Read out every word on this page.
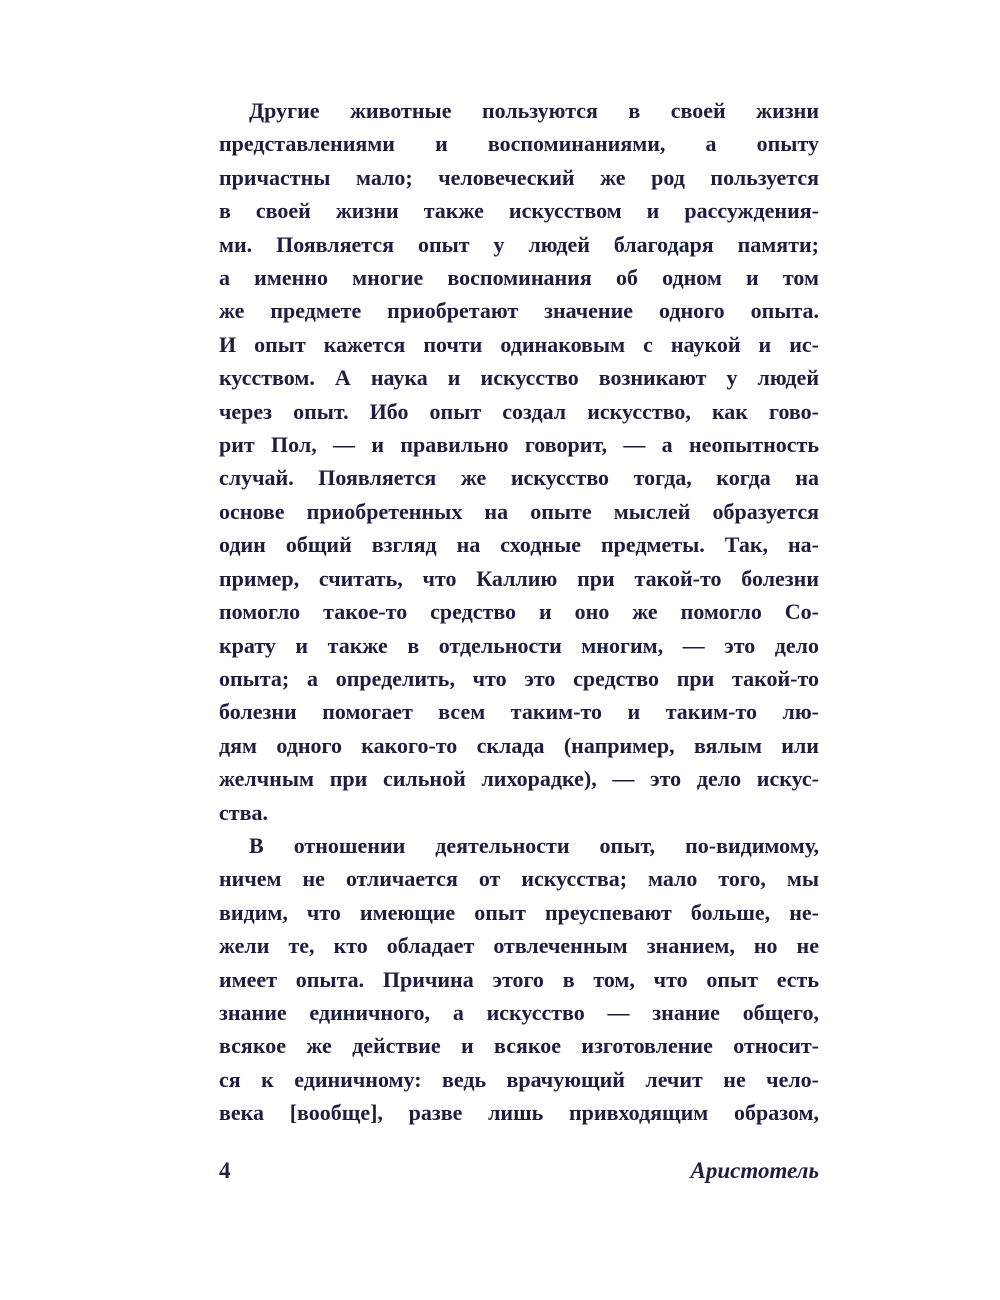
Другие животные пользуются в своей жизни
представлениями и воспоминаниями, а опыту
причастны мало; человеческий же род пользуется
в своей жизни также искусством и рассуждения-
ми. Появляется опыт у людей благодаря памяти;
а именно многие воспоминания об одном и том
же предмете приобретают значение одного опыта.
И опыт кажется почти одинаковым с наукой и ис-
кусством. А наука и искусство возникают у людей
через опыт. Ибо опыт создал искусство, как гово-
рит Пол, — и правильно говорит, — а неопытность
случай. Появляется же искусство тогда, когда на
основе приобретенных на опыте мыслей образуется
один общий взгляд на сходные предметы. Так, на-
пример, считать, что Каллию при такой-то болезни
помогло такое-то средство и оно же помогло Со-
крату и также в отдельности многим, — это дело
опыта; а определить, что это средство при такой-то
болезни помогает всем таким-то и таким-то лю-
дям одного какого-то склада (например, вялым или
желчным при сильной лихорадке), — это дело искус-
ства.
В отношении деятельности опыт, по-видимому,
ничем не отличается от искусства; мало того, мы
видим, что имеющие опыт преуспевают больше, не-
жели те, кто обладает отвлеченным знанием, но не
имеет опыта. Причина этого в том, что опыт есть
знание единичного, а искусство — знание общего,
всякое же действие и всякое изготовление относит-
ся к единичному: ведь врачующий лечит не чело-
века [вообще], разве лишь привходящим образом,
4	Аристотель
